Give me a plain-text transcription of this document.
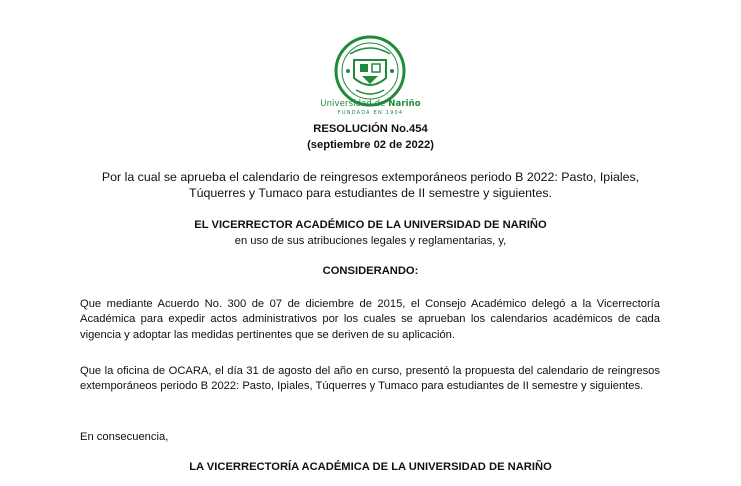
Universidad de Nariño
FUNDADA EN 1904
RESOLUCIÓN No.454
(septiembre 02 de 2022)
Por la cual se aprueba el calendario de reingresos extemporáneos periodo B 2022: Pasto, Ipiales,
Túquerres y Tumaco para estudiantes de II semestre y siguientes.
EL VICERRECTOR ACADÉMICO DE LA UNIVERSIDAD DE NARIÑO
en uso de sus atribuciones legales y reglamentarias, y,
CONSIDERANDO:
Que mediante Acuerdo No. 300 de 07 de diciembre de 2015, el Consejo Académico delegó a la Vicerrectoría Académica para expedir actos administrativos por los cuales se aprueban los calendarios académicos de cada vigencia y adoptar las medidas pertinentes que se deriven de su aplicación.
Que la oficina de OCARA, el día 31 de agosto del año en curso, presentó la propuesta del calendario de reingresos extemporáneos periodo B 2022: Pasto, Ipiales, Túquerres y Tumaco para estudiantes de II semestre y siguientes.
En consecuencia,
LA VICERRECTORÍA ACADÉMICA DE LA UNIVERSIDAD DE NARIÑO
